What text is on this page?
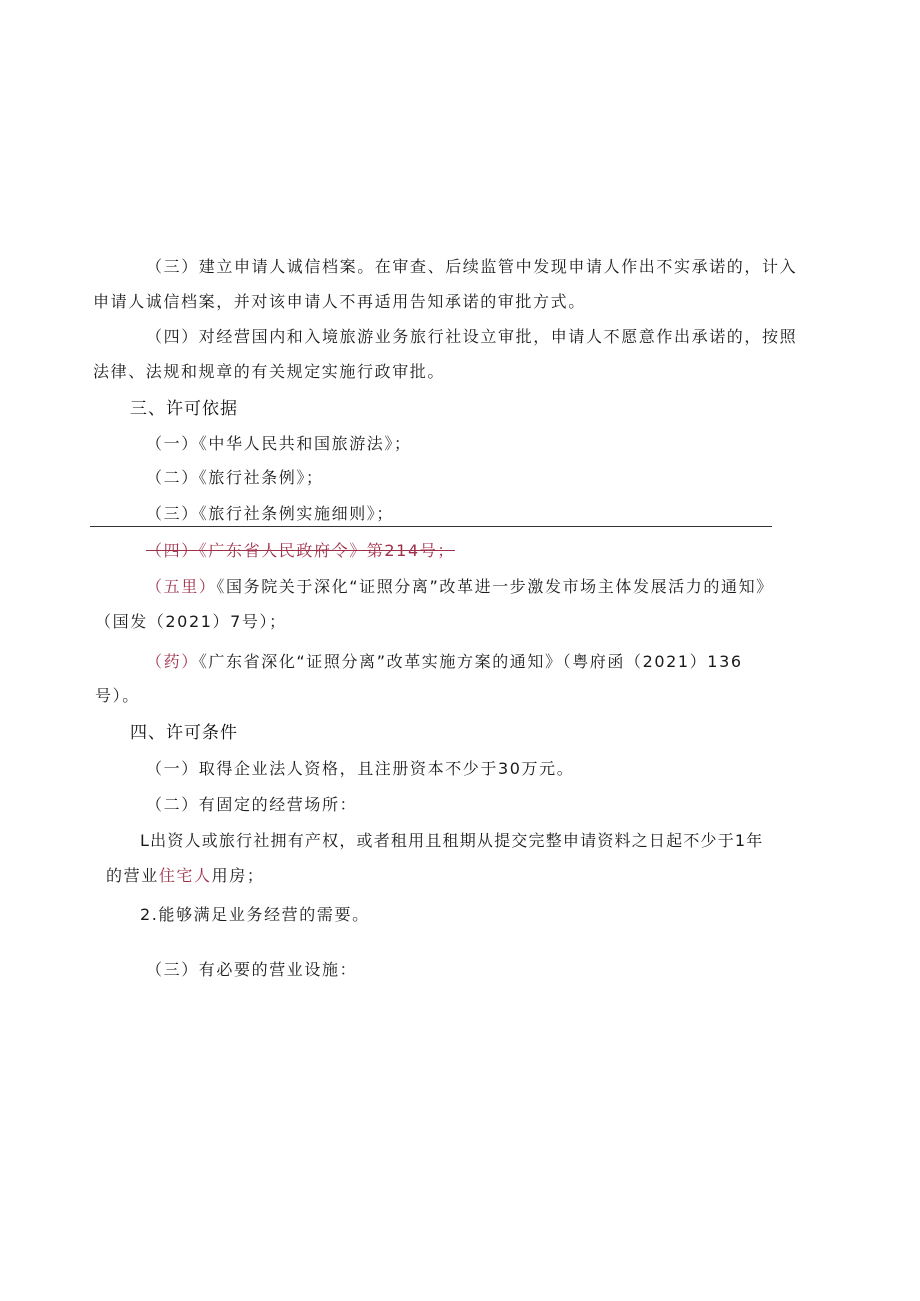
（三）建立申请人诚信档案。在审查、后续监管中发现申请人作出不实承诺的，计入
申请人诚信档案，并对该申请人不再适用告知承诺的审批方式。
（四）对经营国内和入境旅游业务旅行社设立审批，申请人不愿意作出承诺的，按照
法律、法规和规章的有关规定实施行政审批。
三、许可依据
（一）《中华人民共和国旅游法》；
（二）《旅行社条例》；
（三）《旅行社条例实施细则》；
（四）《广东省人民政府令》第214号；
（五里）《国务院关于深化“证照分离”改革进一步激发市场主体发展活力的通知》
（国发（2021）7号）；
（药）《广东省深化“证照分离”改革实施方案的通知》（粤府函（2021）136
号）。
四、许可条件
（一）取得企业法人资格，且注册资本不少于30万元。
（二）有固定的经营场所：
L出资人或旅行社拥有产权，或者租用且租期从提交完整申请资料之日起不少于1年
的营业住宅人用房；
2.能够满足业务经营的需要。
（三）有必要的营业设施：
